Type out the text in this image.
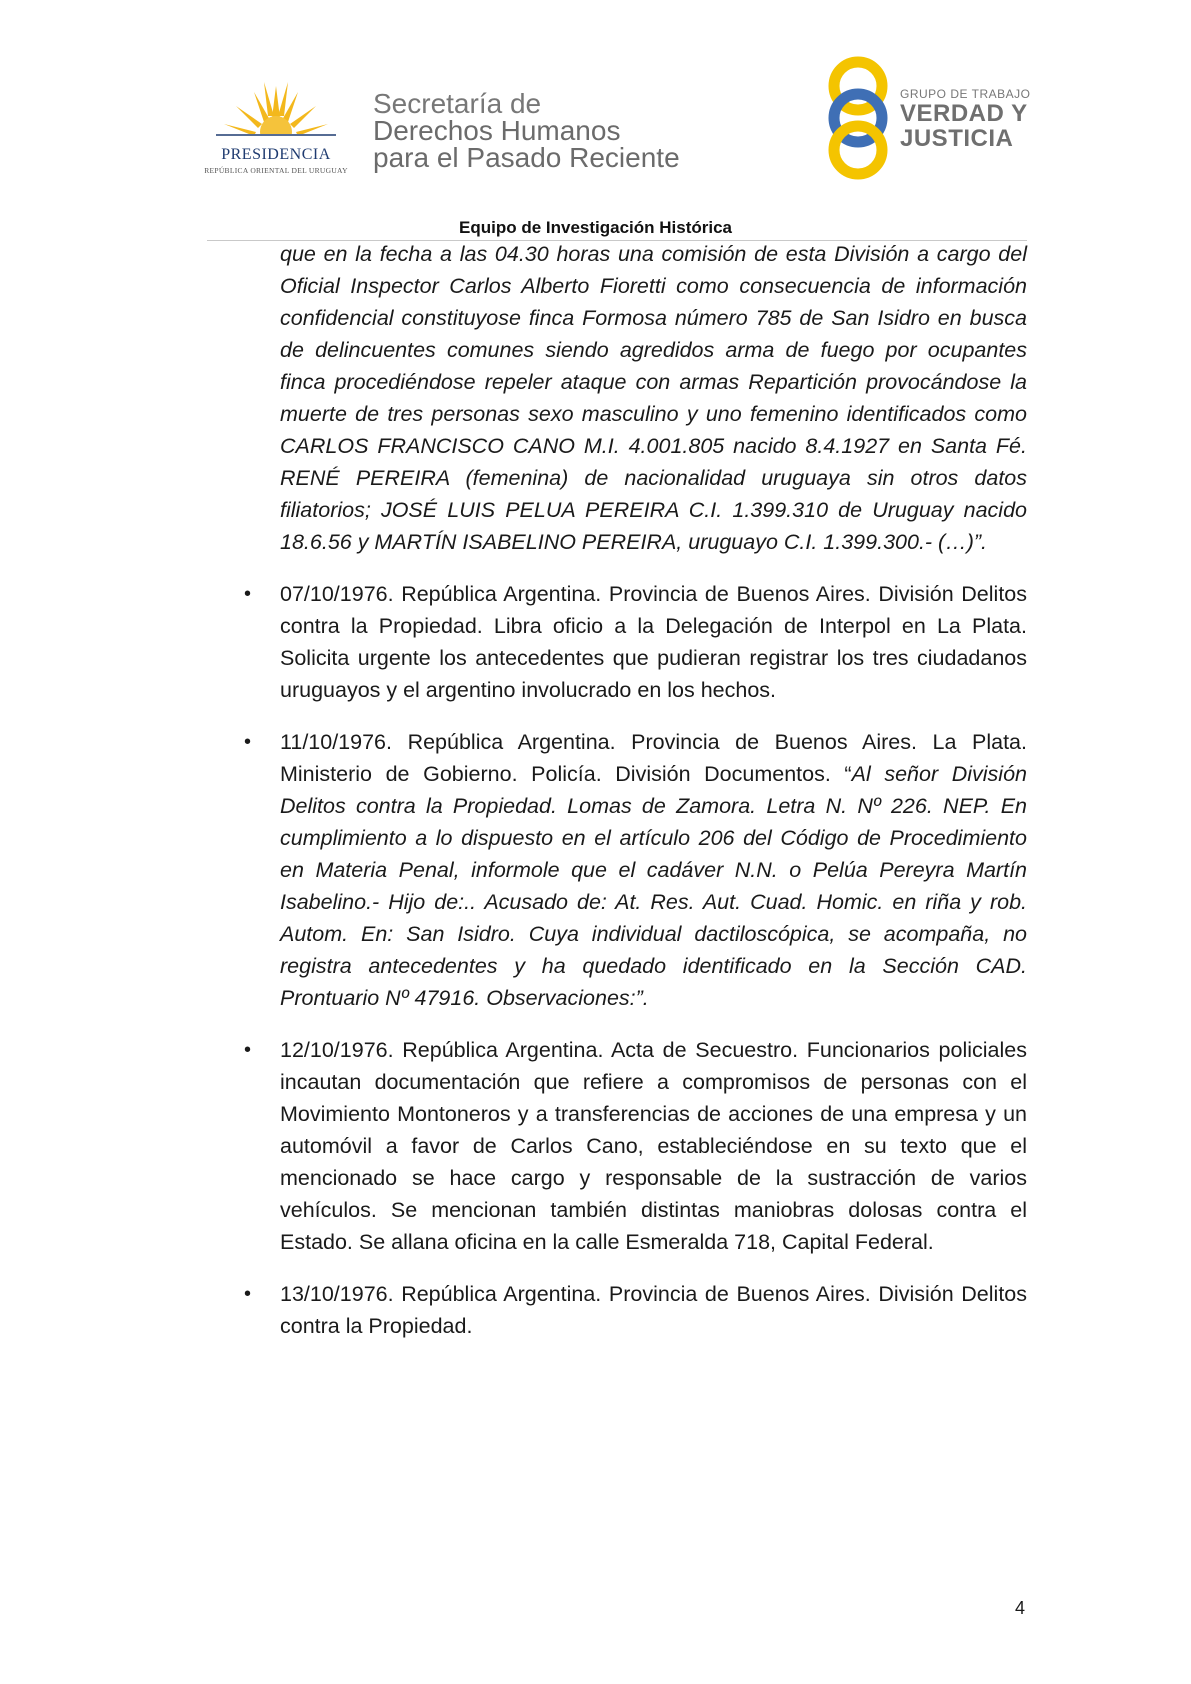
PRESIDENCIA
REPÚBLICA ORIENTAL DEL URUGUAY
Secretaría de
Derechos Humanos
para el Pasado Reciente
GRUPO DE TRABAJO
VERDAD Y
JUSTICIA
Equipo de Investigación Histórica

que en la fecha a las 04.30 horas una comisión de esta División a cargo del Oficial Inspector Carlos Alberto Fioretti como consecuencia de información confidencial constituyose finca Formosa número 785 de San Isidro en busca de delincuentes comunes siendo agredidos arma de fuego por ocupantes finca procediéndose repeler ataque con armas Repartición provocándose la muerte de tres personas sexo masculino y uno femenino identificados como CARLOS FRANCISCO CANO M.I. 4.001.805 nacido 8.4.1927 en Santa Fé. RENÉ PEREIRA (femenina) de nacionalidad uruguaya sin otros datos filiatorios; JOSÉ LUIS PELUA PEREIRA C.I. 1.399.310 de Uruguay nacido 18.6.56 y MARTÍN ISABELINO PEREIRA, uruguayo C.I. 1.399.300.- (…)”.

• 07/10/1976. República Argentina. Provincia de Buenos Aires. División Delitos contra la Propiedad. Libra oficio a la Delegación de Interpol en La Plata. Solicita urgente los antecedentes que pudieran registrar los tres ciudadanos uruguayos y el argentino involucrado en los hechos.

• 11/10/1976. República Argentina. Provincia de Buenos Aires. La Plata. Ministerio de Gobierno. Policía. División Documentos. “Al señor División Delitos contra la Propiedad. Lomas de Zamora. Letra N. Nº 226. NEP. En cumplimiento a lo dispuesto en el artículo 206 del Código de Procedimiento en Materia Penal, informole que el cadáver N.N. o Pelúa Pereyra Martín Isabelino.- Hijo de:.. Acusado de: At. Res. Aut. Cuad. Homic. en riña y rob. Autom. En: San Isidro. Cuya individual dactiloscópica, se acompaña, no registra antecedentes y ha quedado identificado en la Sección CAD. Prontuario Nº 47916. Observaciones:”.

• 12/10/1976. República Argentina. Acta de Secuestro. Funcionarios policiales incautan documentación que refiere a compromisos de personas con el Movimiento Montoneros y a transferencias de acciones de una empresa y un automóvil a favor de Carlos Cano, estableciéndose en su texto que el mencionado se hace cargo y responsable de la sustracción de varios vehículos. Se mencionan también distintas maniobras dolosas contra el Estado. Se allana oficina en la calle Esmeralda 718, Capital Federal.

• 13/10/1976. República Argentina. Provincia de Buenos Aires. División Delitos contra la Propiedad.

4
